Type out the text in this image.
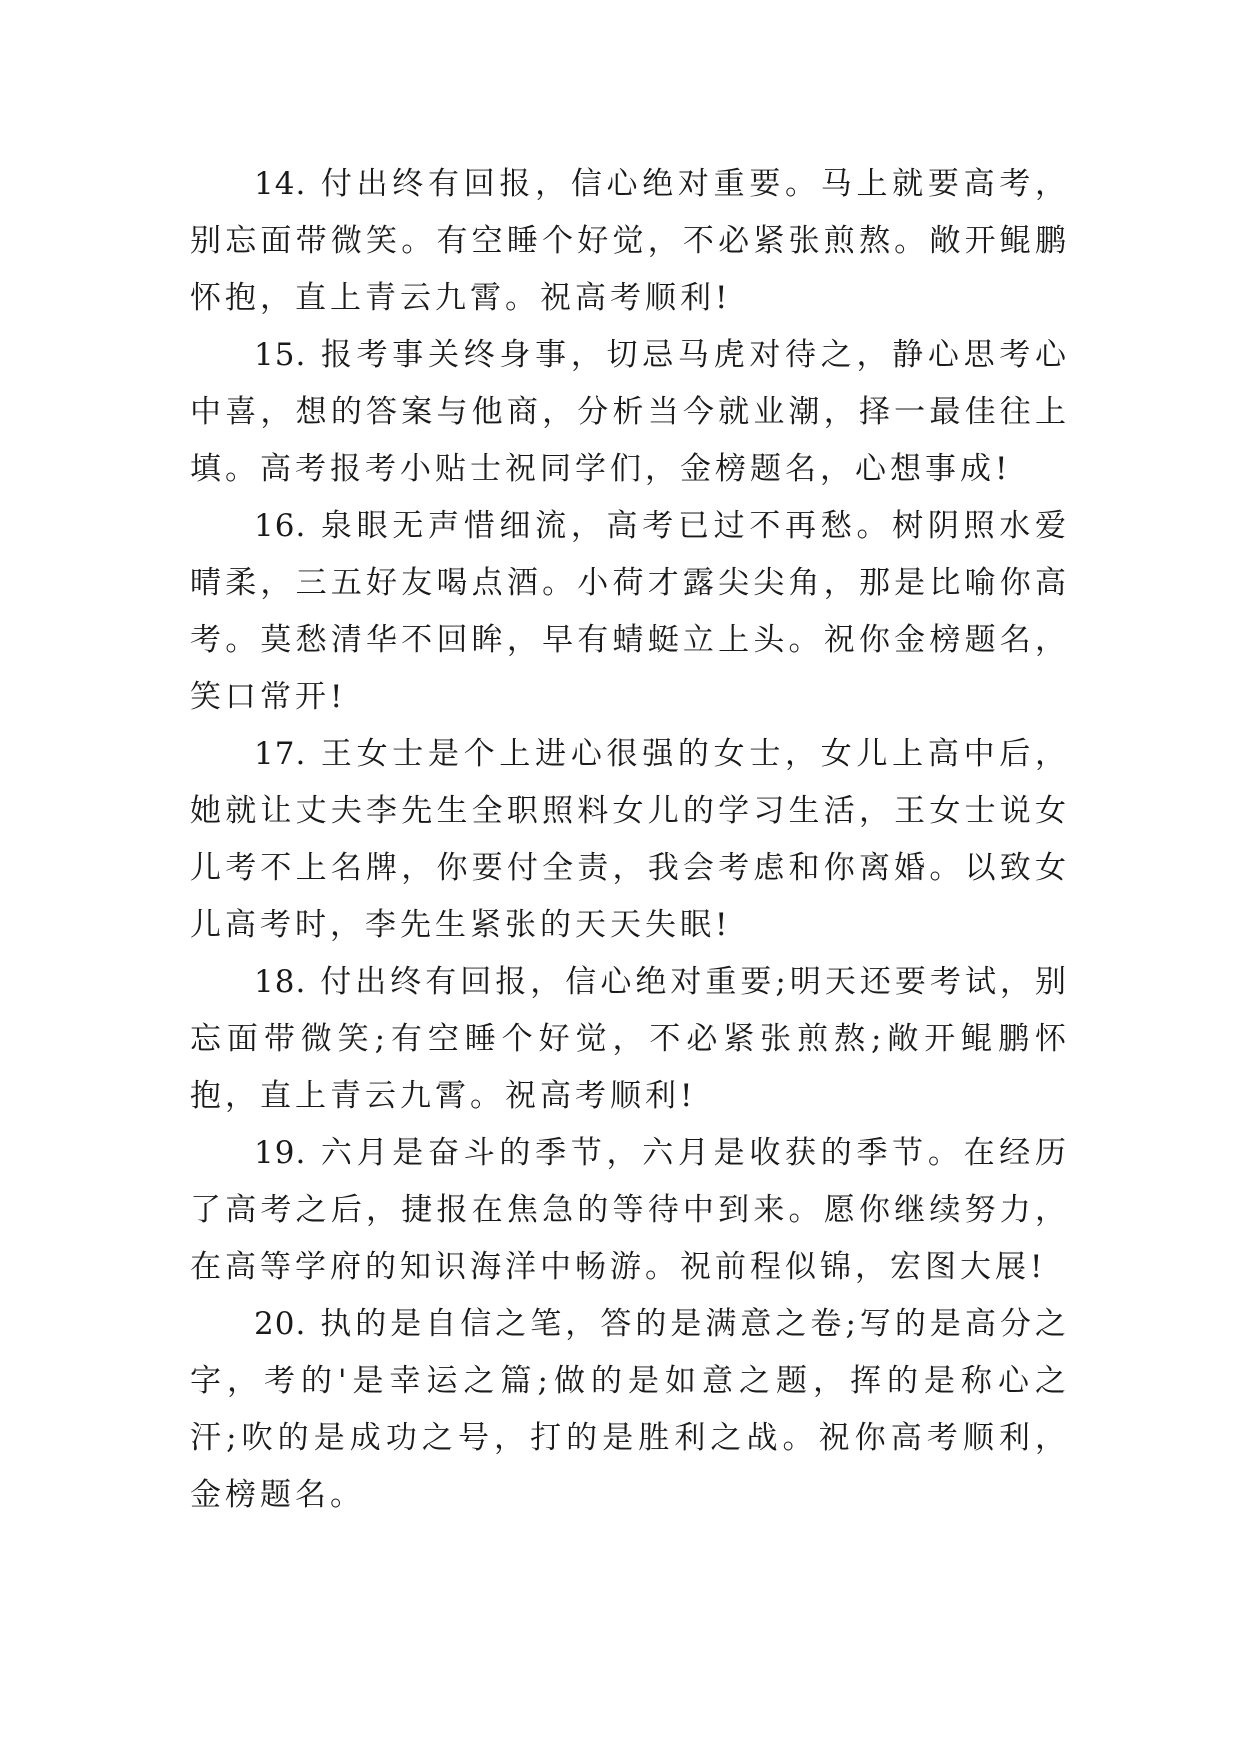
14. 付出终有回报，信心绝对重要。马上就要高考，别忘面带微笑。有空睡个好觉，不必紧张煎熬。敞开鲲鹏怀抱，直上青云九霄。祝高考顺利!

15. 报考事关终身事，切忌马虎对待之，静心思考心中喜，想的答案与他商，分析当今就业潮，择一最佳往上填。高考报考小贴士祝同学们，金榜题名，心想事成!

16. 泉眼无声惜细流，高考已过不再愁。树阴照水爱晴柔，三五好友喝点酒。小荷才露尖尖角，那是比喻你高考。莫愁清华不回眸，早有蜻蜓立上头。祝你金榜题名，笑口常开!

17. 王女士是个上进心很强的女士，女儿上高中后，她就让丈夫李先生全职照料女儿的学习生活，王女士说女儿考不上名牌，你要付全责，我会考虑和你离婚。以致女儿高考时，李先生紧张的天天失眠!

18. 付出终有回报，信心绝对重要;明天还要考试，别忘面带微笑;有空睡个好觉，不必紧张煎熬;敞开鲲鹏怀抱，直上青云九霄。祝高考顺利!

19. 六月是奋斗的季节，六月是收获的季节。在经历了高考之后，捷报在焦急的等待中到来。愿你继续努力，在高等学府的知识海洋中畅游。祝前程似锦，宏图大展!

20. 执的是自信之笔，答的是满意之卷;写的是高分之字，考的'是幸运之篇;做的是如意之题，挥的是称心之汗;吹的是成功之号，打的是胜利之战。祝你高考顺利，金榜题名。
